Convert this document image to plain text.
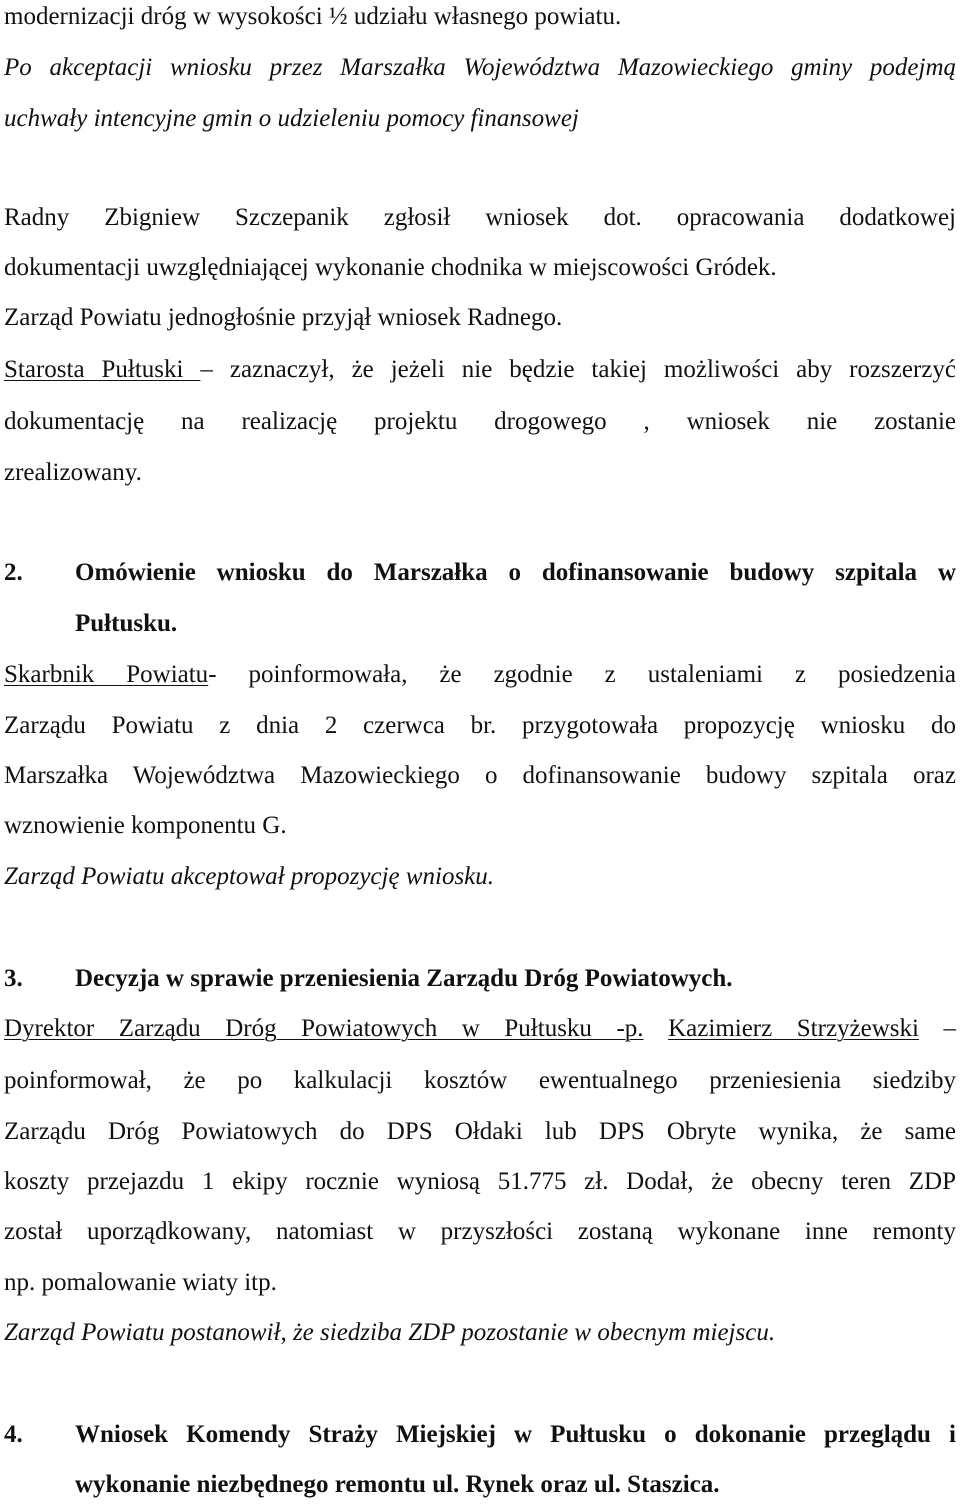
modernizacji dróg w wysokości ½ udziału własnego powiatu.
Po akceptacji wniosku przez Marszałka Województwa Mazowieckiego gminy podejmą
uchwały intencyjne gmin o udzieleniu pomocy finansowej
Radny Zbigniew Szczepanik zgłosił wniosek dot. opracowania dodatkowej
dokumentacji uwzględniającej wykonanie chodnika w miejscowości Gródek.
Zarząd Powiatu jednogłośnie przyjął wniosek Radnego.
Starosta Pułtuski – zaznaczył, że jeżeli nie będzie takiej możliwości aby rozszerzyć
dokumentację na realizację projektu drogowego , wniosek nie zostanie
zrealizowany.
2. Omówienie wniosku do Marszałka o dofinansowanie budowy szpitala w
Pułtusku.
Skarbnik Powiatu- poinformowała, że zgodnie z ustaleniami z posiedzenia
Zarządu Powiatu z dnia 2 czerwca br. przygotowała propozycję wniosku do
Marszałka Województwa Mazowieckiego o dofinansowanie budowy szpitala oraz
wznowienie komponentu G.
Zarząd Powiatu akceptował propozycję wniosku.
3. Decyzja w sprawie przeniesienia Zarządu Dróg Powiatowych.
Dyrektor Zarządu Dróg Powiatowych w Pułtusku -p. Kazimierz Strzyżewski –
poinformował, że po kalkulacji kosztów ewentualnego przeniesienia siedziby
Zarządu Dróg Powiatowych do DPS Ołdaki lub DPS Obryte wynika, że same
koszty przejazdu 1 ekipy rocznie wyniosą 51.775 zł. Dodał, że obecny teren ZDP
został uporządkowany, natomiast w przyszłości zostaną wykonane inne remonty
np. pomalowanie wiaty itp.
Zarząd Powiatu postanowił, że siedziba ZDP pozostanie w obecnym miejscu.
4. Wniosek Komendy Straży Miejskiej w Pułtusku o dokonanie przeglądu i
wykonanie niezbędnego remontu ul. Rynek oraz ul. Staszica.
